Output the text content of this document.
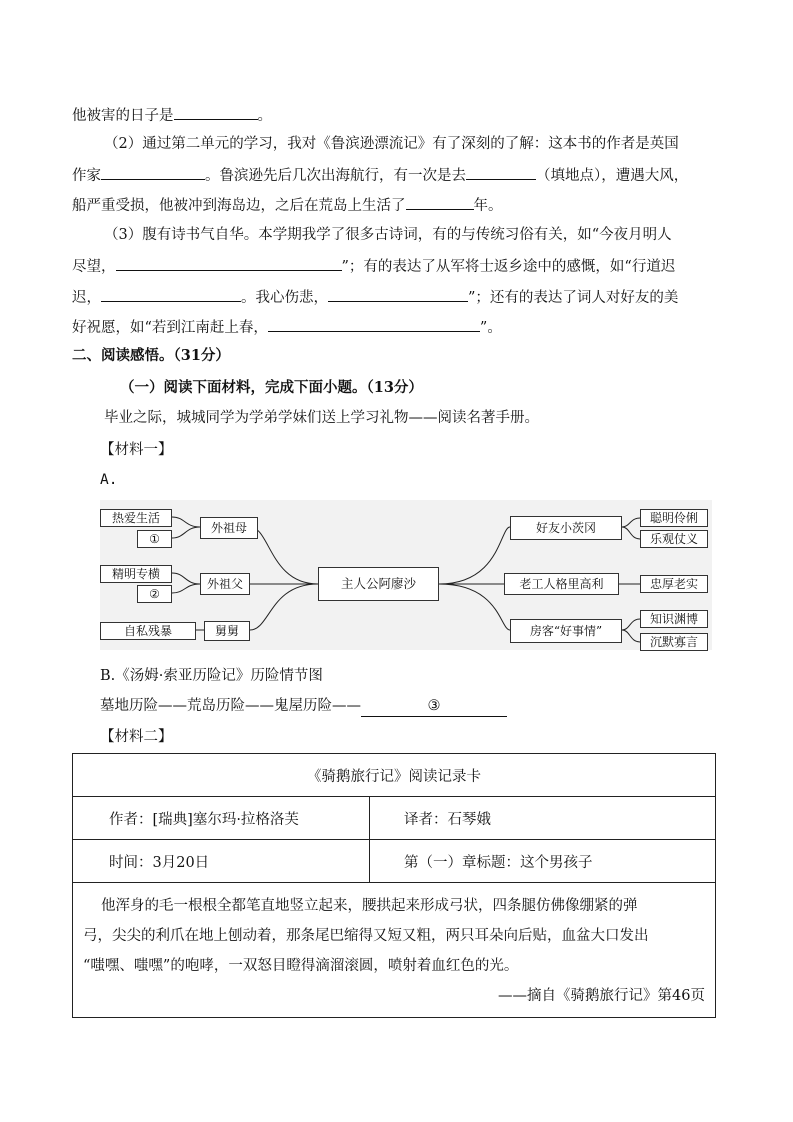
他被害的日子是	。
（2）通过第二单元的学习，我对《鲁滨逊漂流记》有了深刻的了解：这本书的作者是英国
作家	。鲁滨逊先后几次出海航行，有一次是去	（填地点），遭遇大风，
船严重受损，他被冲到海岛边，之后在荒岛上生活了	年。
（3）腹有诗书气自华。本学期我学了很多古诗词，有的与传统习俗有关，如“今夜月明人
尽望，	”；有的表达了从军将士返乡途中的感慨，如“行道迟
迟，	。我心伤悲，	”；还有的表达了词人对好友的美
好祝愿，如“若到江南赶上春，	”。
二、阅读感悟。（31分）
（一）阅读下面材料，完成下面小题。（13分）
毕业之际，城城同学为学弟学妹们送上学习礼物——阅读名著手册。
【材料一】
A.
主人公阿廖沙
外祖母
热爱生活
①
外祖父
精明专横
②
舅舅
自私残暴
好友小茨冈
聪明伶俐
乐观仗义
老工人格里高利	忠厚老实
房客“好事情”
知识渊博
沉默寡言
B.《汤姆·索亚历险记》历险情节图
墓地历险——荒岛历险——鬼屋历险——	③
【材料二】
《骑鹅旅行记》阅读记录卡	
作者：[瑞典]塞尔玛·拉格洛芙	译者：石琴娥
时间：3月20日	第（一）章标题：这个男孩子

他浑身的毛一根根全都笔直地竖立起来，腰拱起来形成弓状，四条腿仿佛像绷紧的弹
弓，尖尖的利爪在地上刨动着，那条尾巴缩得又短又粗，两只耳朵向后贴，血盆大口发出
“嗤嘿、嗤嘿”的咆哮，一双怒目瞪得滴溜滚圆，喷射着血红色的光。
——摘自《骑鹅旅行记》第46页	
